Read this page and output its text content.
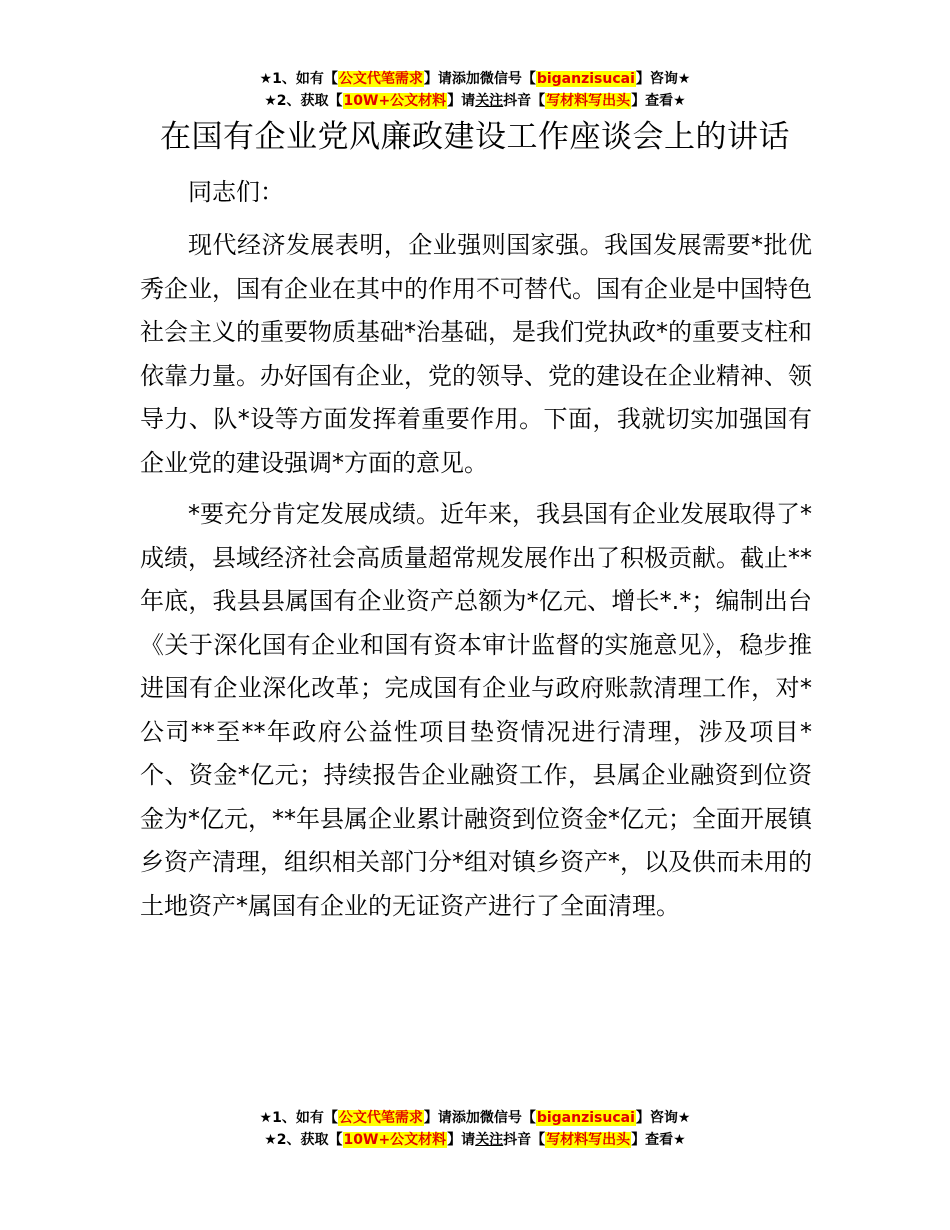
★1、如有【公文代笔需求】请添加微信号【biganzisucai】咨询★
★2、获取【10W+公文材料】请关注抖音【写材料写出头】查看★
在国有企业党风廉政建设工作座谈会上的讲话

同志们：

现代经济发展表明，企业强则国家强。我国发展需要*批优秀企业，国有企业在其中的作用不可替代。国有企业是中国特色社会主义的重要物质基础*治基础，是我们党执政*的重要支柱和依靠力量。办好国有企业，党的领导、党的建设在企业精神、领导力、队*设等方面发挥着重要作用。下面，我就切实加强国有企业党的建设强调*方面的意见。

*要充分肯定发展成绩。近年来，我县国有企业发展取得了*成绩，县域经济社会高质量超常规发展作出了积极贡献。截止**年底，我县县属国有企业资产总额为*亿元、增长*.*；编制出台《关于深化国有企业和国有资本审计监督的实施意见》，稳步推进国有企业深化改革；完成国有企业与政府账款清理工作，对*公司**至**年政府公益性项目垫资情况进行清理，涉及项目*个、资金*亿元；持续报告企业融资工作，县属企业融资到位资金为*亿元，**年县属企业累计融资到位资金*亿元；全面开展镇乡资产清理，组织相关部门分*组对镇乡资产*，以及供而未用的土地资产*属国有企业的无证资产进行了全面清理。

★1、如有【公文代笔需求】请添加微信号【biganzisucai】咨询★
★2、获取【10W+公文材料】请关注抖音【写材料写出头】查看★
